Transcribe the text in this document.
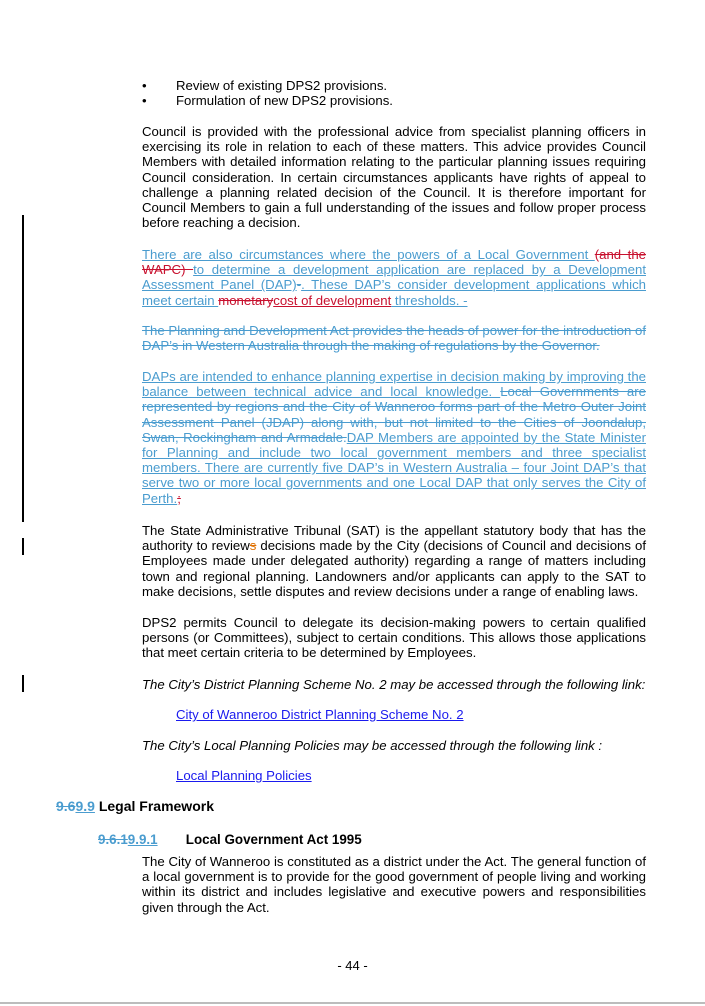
• Review of existing DPS2 provisions.
• Formulation of new DPS2 provisions.
Council is provided with the professional advice from specialist planning officers in exercising its role in relation to each of these matters. This advice provides Council Members with detailed information relating to the particular planning issues requiring Council consideration. In certain circumstances applicants have rights of appeal to challenge a planning related decision of the Council. It is therefore important for Council Members to gain a full understanding of the issues and follow proper process before reaching a decision.
There are also circumstances where the powers of a Local Government (and the WAPC) to determine a development application are replaced by a Development Assessment Panel (DAP)-. These DAP’s consider development applications which meet certain monetarycost of development thresholds. -
The Planning and Development Act provides the heads of power for the introduction of DAP’s in Western Australia through the making of regulations by the Governor.
DAPs are intended to enhance planning expertise in decision making by improving the balance between technical advice and local knowledge. Local Governments are represented by regions and the City of Wanneroo forms part of the Metro Outer Joint Assessment Panel (JDAP) along with, but not limited to the Cities of Joondalup, Swan, Rockingham and Armadale.DAP Members are appointed by the State Minister for Planning and include two local government members and three specialist members. There are currently five DAP’s in Western Australia – four Joint DAP’s that serve two or more local governments and one Local DAP that only serves the City of Perth.;
The State Administrative Tribunal (SAT) is the appellant statutory body that has the authority to reviews decisions made by the City (decisions of Council and decisions of Employees made under delegated authority) regarding a range of matters including town and regional planning. Landowners and/or applicants can apply to the SAT to make decisions, settle disputes and review decisions under a range of enabling laws.
DPS2 permits Council to delegate its decision-making powers to certain qualified persons (or Committees), subject to certain conditions. This allows those applications that meet certain criteria to be determined by Employees.
The City’s District Planning Scheme No. 2 may be accessed through the following link:
City of Wanneroo District Planning Scheme No. 2
The City’s Local Planning Policies may be accessed through the following link :
Local Planning Policies
9.69.9 Legal Framework
9.6.19.9.1 Local Government Act 1995
The City of Wanneroo is constituted as a district under the Act. The general function of a local government is to provide for the good government of people living and working within its district and includes legislative and executive powers and responsibilities given through the Act.
- 44 -
